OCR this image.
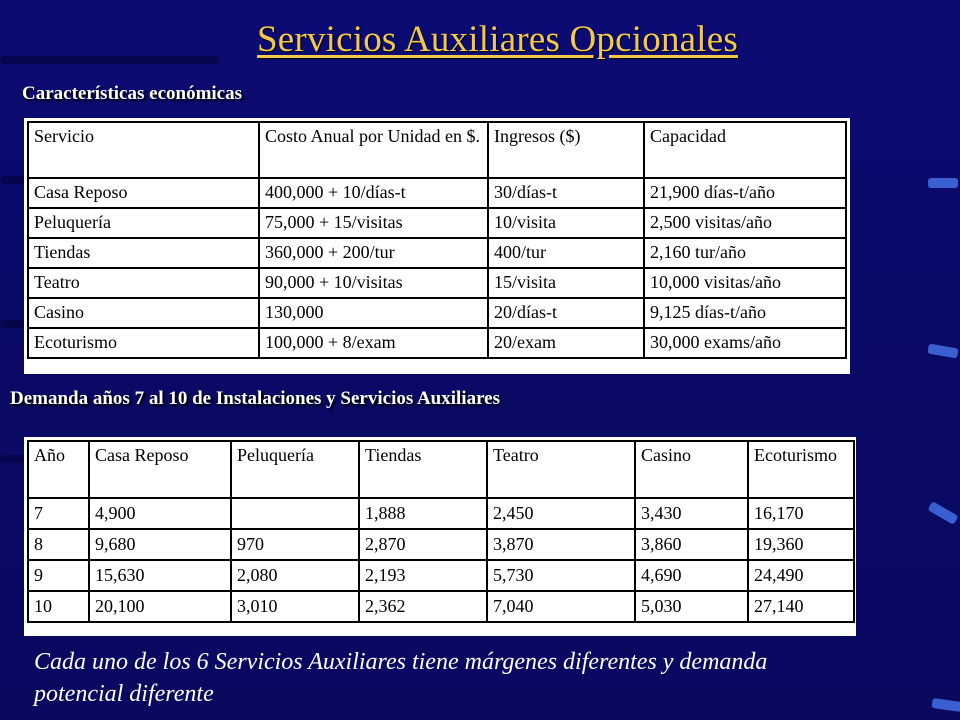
Servicios Auxiliares Opcionales
Características económicas
Servicio	Costo Anual por Unidad en $.	Ingresos ($)	Capacidad
Casa Reposo	400,000 + 10/días-t	30/días-t	21,900 días-t/año
Peluquería	75,000 + 15/visitas	10/visita	2,500 visitas/año
Tiendas	360,000 + 200/tur	400/tur	2,160 tur/año
Teatro	90,000 + 10/visitas	15/visita	10,000 visitas/año
Casino	130,000	20/días-t	9,125 días-t/año
Ecoturismo	100,000 + 8/exam	20/exam	30,000 exams/año
Demanda años 7 al 10 de Instalaciones y Servicios Auxiliares
Año	Casa Reposo	Peluquería	Tiendas	Teatro	Casino	Ecoturismo
7	4,900		1,888	2,450	3,430	16,170
8	9,680	970	2,870	3,870	3,860	19,360
9	15,630	2,080	2,193	5,730	4,690	24,490
10	20,100	3,010	2,362	7,040	5,030	27,140
Cada uno de los 6 Servicios Auxiliares tiene márgenes diferentes y demanda potencial diferente
